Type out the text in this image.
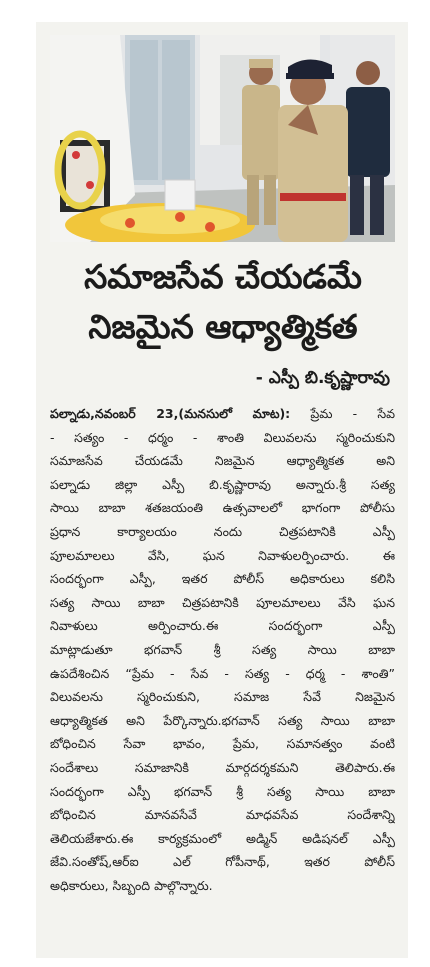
సమాజసేవ చేయడమే
నిజమైన ఆధ్యాత్మికత
- ఎస్పీ బి.కృష్ణారావు
పల్నాడు,నవంబర్ 23,(మనసులో మాట): ప్రేమ - సేవ
- సత్యం - ధర్మం - శాంతి విలువలను స్మరించుకుని
సమాజసేవ చేయడమే నిజమైన ఆధ్యాత్మికత అని
పల్నాడు జిల్లా ఎస్పీ బి.కృష్ణారావు అన్నారు.శ్రీ సత్య
సాయి బాబా శతజయంతి ఉత్సవాలలో భాగంగా పోలీసు
ప్రధాన కార్యాలయం నందు చిత్రపటానికి ఎస్పీ
పూలమాలలు వేసి, ఘన నివాళులర్పించారు. ఈ
సందర్భంగా ఎస్పీ, ఇతర పోలీస్ అధికారులు కలిసి
సత్య సాయి బాబా చిత్రపటానికి పూలమాలలు వేసి ఘన
నివాళులు అర్పించారు.ఈ సందర్భంగా ఎస్పీ
మాట్లాడుతూ భగవాన్ శ్రీ సత్య సాయి బాబా
ఉపదేశించిన “ప్రేమ - సేవ - సత్య - ధర్మ - శాంతి”
విలువలను స్మరించుకుని, సమాజ సేవే నిజమైన
ఆధ్యాత్మికత అని పేర్కొన్నారు.భగవాన్ సత్య సాయి బాబా
బోధించిన సేవా భావం, ప్రేమ, సమానత్వం వంటి
సందేశాలు సమాజానికి మార్గదర్శకమని తెలిపారు.ఈ
సందర్భంగా ఎస్పీ భగవాన్ శ్రీ సత్య సాయి బాబా
బోధించిన మానవసేవే మాధవసేవ సందేశాన్ని
తెలియజేశారు.ఈ కార్యక్రమంలో అడ్మిన్ అడిషనల్ ఎస్పీ
జేవి.సంతోష్,ఆర్ఐ ఎల్ గోపీనాథ్, ఇతర పోలీస్
అధికారులు, సిబ్బంది పాల్గొన్నారు.
